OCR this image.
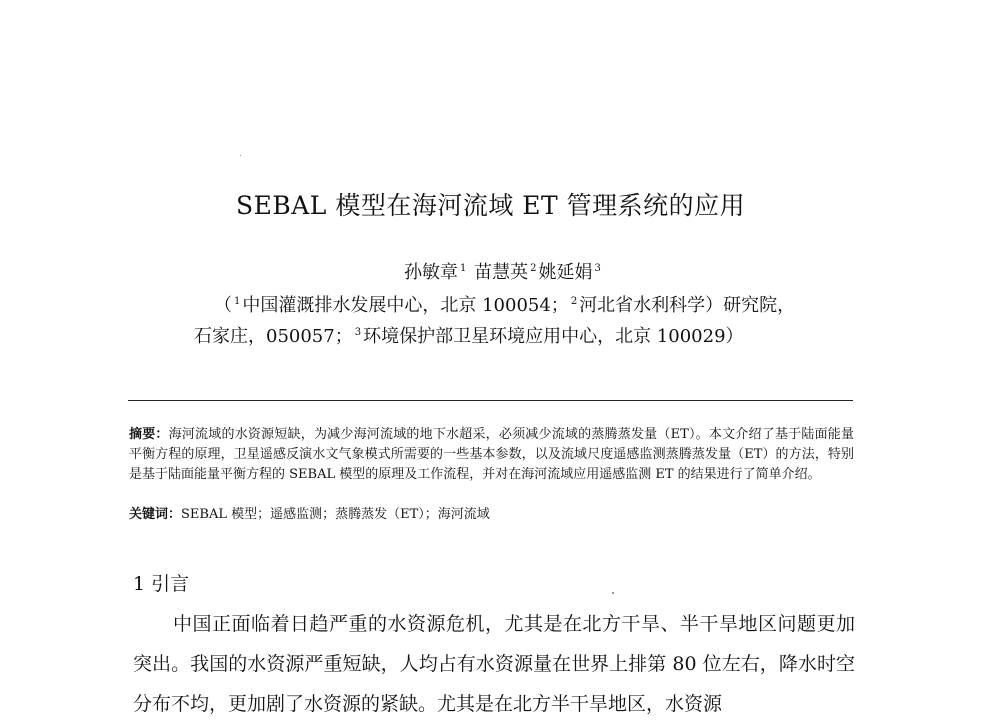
SEBAL 模型在海河流域 ET 管理系统的应用
孙敏章 $^1$ 苗慧英 $^2$ 姚延娟 $^3$
（ $^1$ 中国灌溉排水发展中心，北京 100054； $^2$ 河北省水利科学）研究院，
石家庄，050057； $^3$ 环境保护部卫星环境应用中心，北京 100029）
摘要：海河流域的水资源短缺，为减少海河流域的地下水超采，必须减少流域的蒸腾蒸发量（ET）。本文介绍了基于陆面能量平衡方程的原理，卫星遥感反演水文气象模式所需要的一些基本参数，以及流域尺度遥感监测蒸腾蒸发量（ET）的方法，特别是基于陆面能量平衡方程的 SEBAL 模型的原理及工作流程，并对在海河流域应用遥感监测 ET 的结果进行了简单介绍。
关键词：SEBAL 模型；遥感监测；蒸腾蒸发（ET）；海河流域
1 引言
中国正面临着日趋严重的水资源危机，尤其是在北方干旱、半干旱地区问题更加突出。我国的水资源严重短缺，人均占有水资源量在世界上排第 80 位左右，降水时空分布不均，更加剧了水资源的紧缺。尤其是在北方半干旱地区，水资源
